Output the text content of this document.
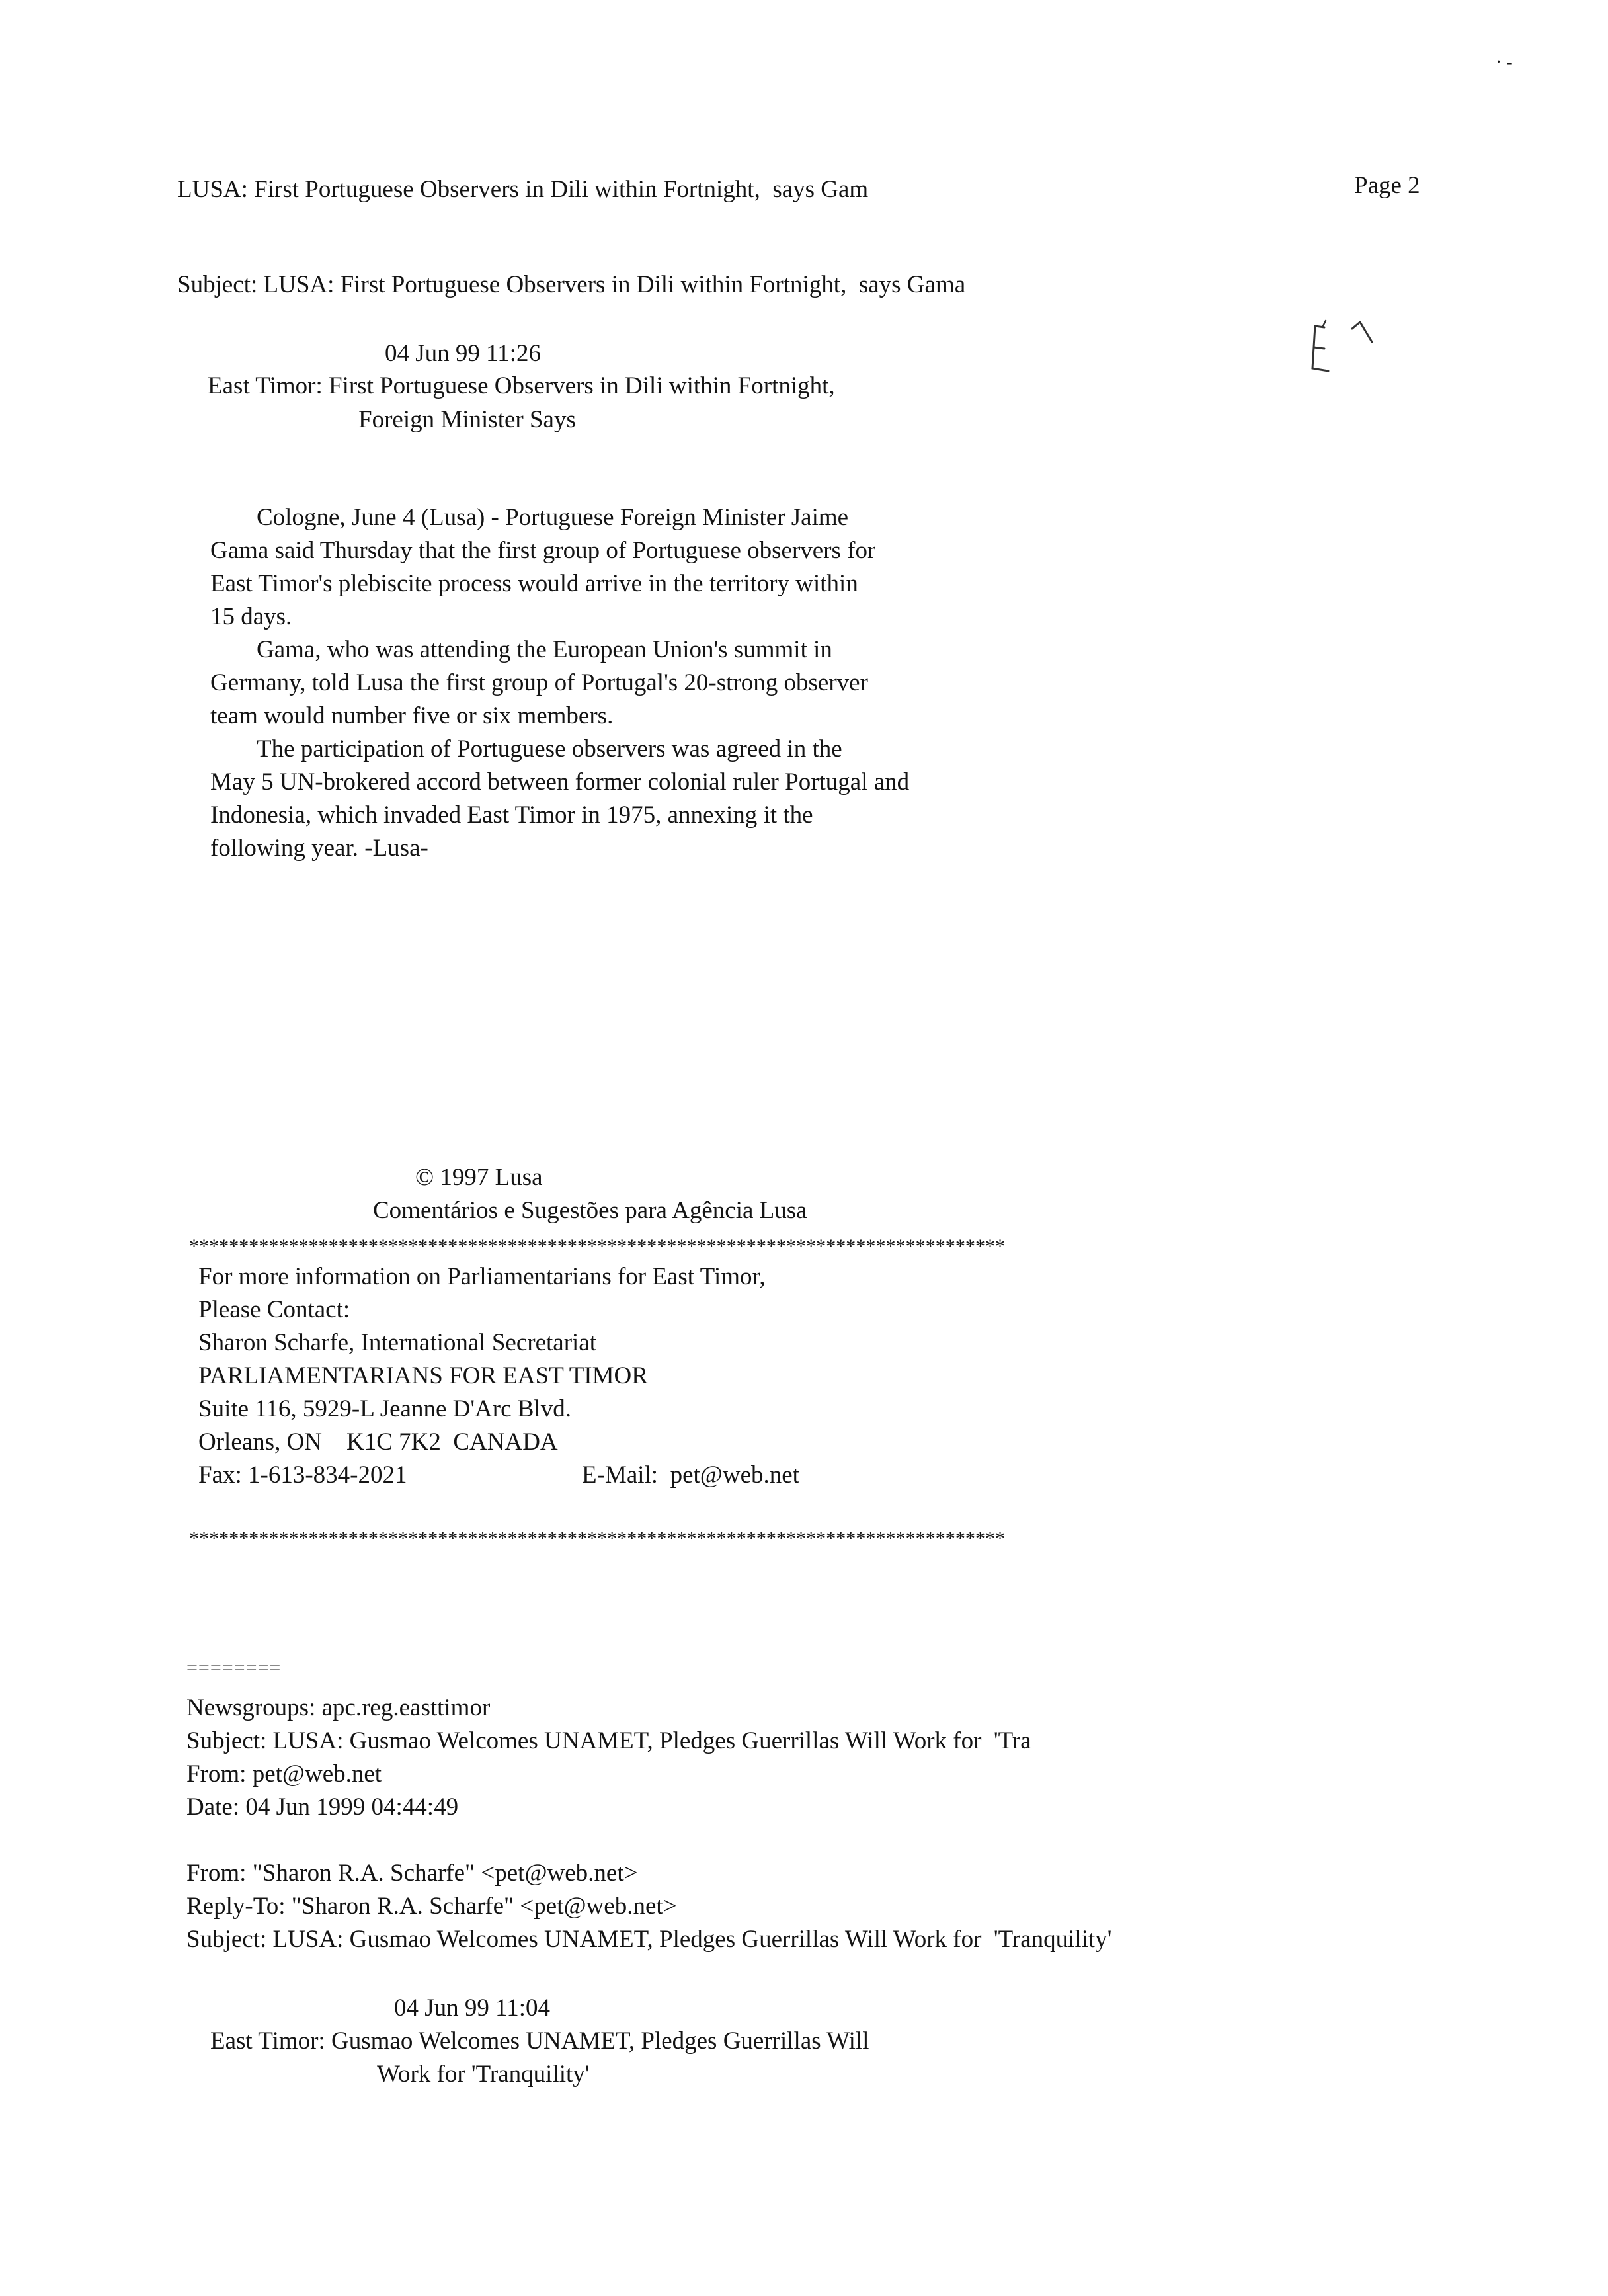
LUSA: First Portuguese Observers in Dili within Fortnight,  says Gam	Page 2
· -
Subject: LUSA: First Portuguese Observers in Dili within Fortnight,  says Gama
04 Jun 99 11:26
East Timor: First Portuguese Observers in Dili within Fortnight,
Foreign Minister Says
Cologne, June 4 (Lusa) - Portuguese Foreign Minister Jaime
Gama said Thursday that the first group of Portuguese observers for
East Timor's plebiscite process would arrive in the territory within
15 days.
Gama, who was attending the European Union's summit in
Germany, told Lusa the first group of Portugal's 20-strong observer
team would number five or six members.
The participation of Portuguese observers was agreed in the
May 5 UN-brokered accord between former colonial ruler Portugal and
Indonesia, which invaded East Timor in 1975, annexing it the
following year. -Lusa-
© 1997 Lusa
Comentários e Sugestões para Agência Lusa
**********************************************************************************
For more information on Parliamentarians for East Timor,
Please Contact:
Sharon Scharfe, International Secretariat
PARLIAMENTARIANS FOR EAST TIMOR
Suite 116, 5929-L Jeanne D'Arc Blvd.
Orleans, ON    K1C 7K2  CANADA
Fax: 1-613-834-2021	E-Mail:  pet@web.net
**********************************************************************************
========
Newsgroups: apc.reg.easttimor
Subject: LUSA: Gusmao Welcomes UNAMET, Pledges Guerrillas Will Work for  'Tra
From: pet@web.net
Date: 04 Jun 1999 04:44:49
From: "Sharon R.A. Scharfe" <pet@web.net>
Reply-To: "Sharon R.A. Scharfe" <pet@web.net>
Subject: LUSA: Gusmao Welcomes UNAMET, Pledges Guerrillas Will Work for  'Tranquility'
04 Jun 99 11:04
East Timor: Gusmao Welcomes UNAMET, Pledges Guerrillas Will
Work for 'Tranquility'
